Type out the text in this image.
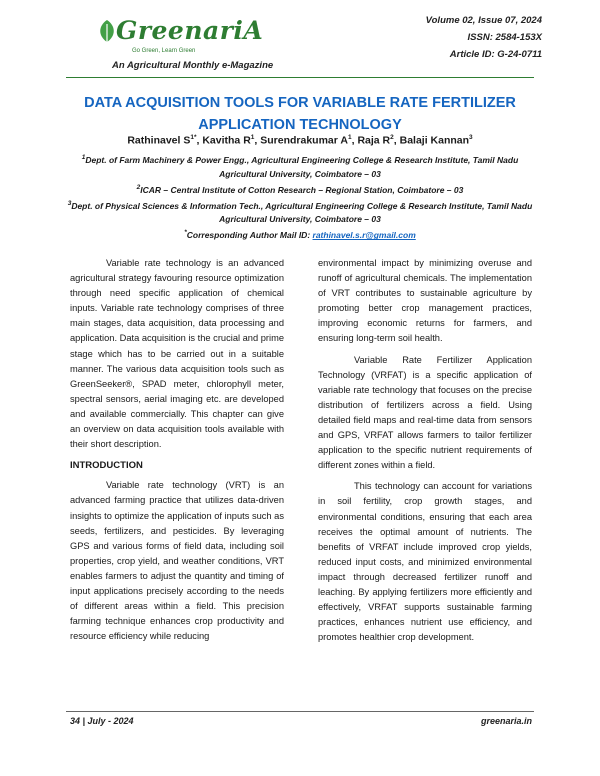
GreenariA
Go Green, Learn Green
An Agricultural Monthly e-Magazine
Volume 02, Issue 07, 2024
ISSN: 2584-153X
Article ID: G-24-0711
DATA ACQUISITION TOOLS FOR VARIABLE RATE FERTILIZER
APPLICATION TECHNOLOGY
Rathinavel $S^{1*}$, Kavitha $R^1$, Surendrakumar $A^1$, Raja $R^2$, Balaji Kannan$^3$
$^1$Dept. of Farm Machinery & Power Engg., Agricultural Engineering College & Research Institute, Tamil Nadu Agricultural University, Coimbatore – 03
$^2$ICAR – Central Institute of Cotton Research – Regional Station, Coimbatore – 03
$^3$Dept. of Physical Sciences & Information Tech., Agricultural Engineering College & Research Institute, Tamil Nadu Agricultural University, Coimbatore – 03
*Corresponding Author Mail ID: rathinavel.s.r@gmail.com

Variable rate technology is an advanced agricultural strategy favouring resource optimization through need specific application of chemical inputs. Variable rate technology comprises of three main stages, data acquisition, data processing and application. Data acquisition is the crucial and prime stage which has to be carried out in a suitable manner. The various data acquisition tools such as GreenSeeker®, SPAD meter, chlorophyll meter, spectral sensors, aerial imaging etc. are developed and available commercially. This chapter can give an overview on data acquisition tools available with their short description.

INTRODUCTION

Variable rate technology (VRT) is an advanced farming practice that utilizes data-driven insights to optimize the application of inputs such as seeds, fertilizers, and pesticides. By leveraging GPS and various forms of field data, including soil properties, crop yield, and weather conditions, VRT enables farmers to adjust the quantity and timing of input applications precisely according to the needs of different areas within a field. This precision farming technique enhances crop productivity and resource efficiency while reducing

environmental impact by minimizing overuse and runoff of agricultural chemicals. The implementation of VRT contributes to sustainable agriculture by promoting better crop management practices, improving economic returns for farmers, and ensuring long-term soil health.

Variable Rate Fertilizer Application Technology (VRFAT) is a specific application of variable rate technology that focuses on the precise distribution of fertilizers across a field. Using detailed field maps and real-time data from sensors and GPS, VRFAT allows farmers to tailor fertilizer application to the specific nutrient requirements of different zones within a field.

This technology can account for variations in soil fertility, crop growth stages, and environmental conditions, ensuring that each area receives the optimal amount of nutrients. The benefits of VRFAT include improved crop yields, reduced input costs, and minimized environmental impact through decreased fertilizer runoff and leaching. By applying fertilizers more efficiently and effectively, VRFAT supports sustainable farming practices, enhances nutrient use efficiency, and promotes healthier crop development.

34 | July - 2024	greenaria.in
